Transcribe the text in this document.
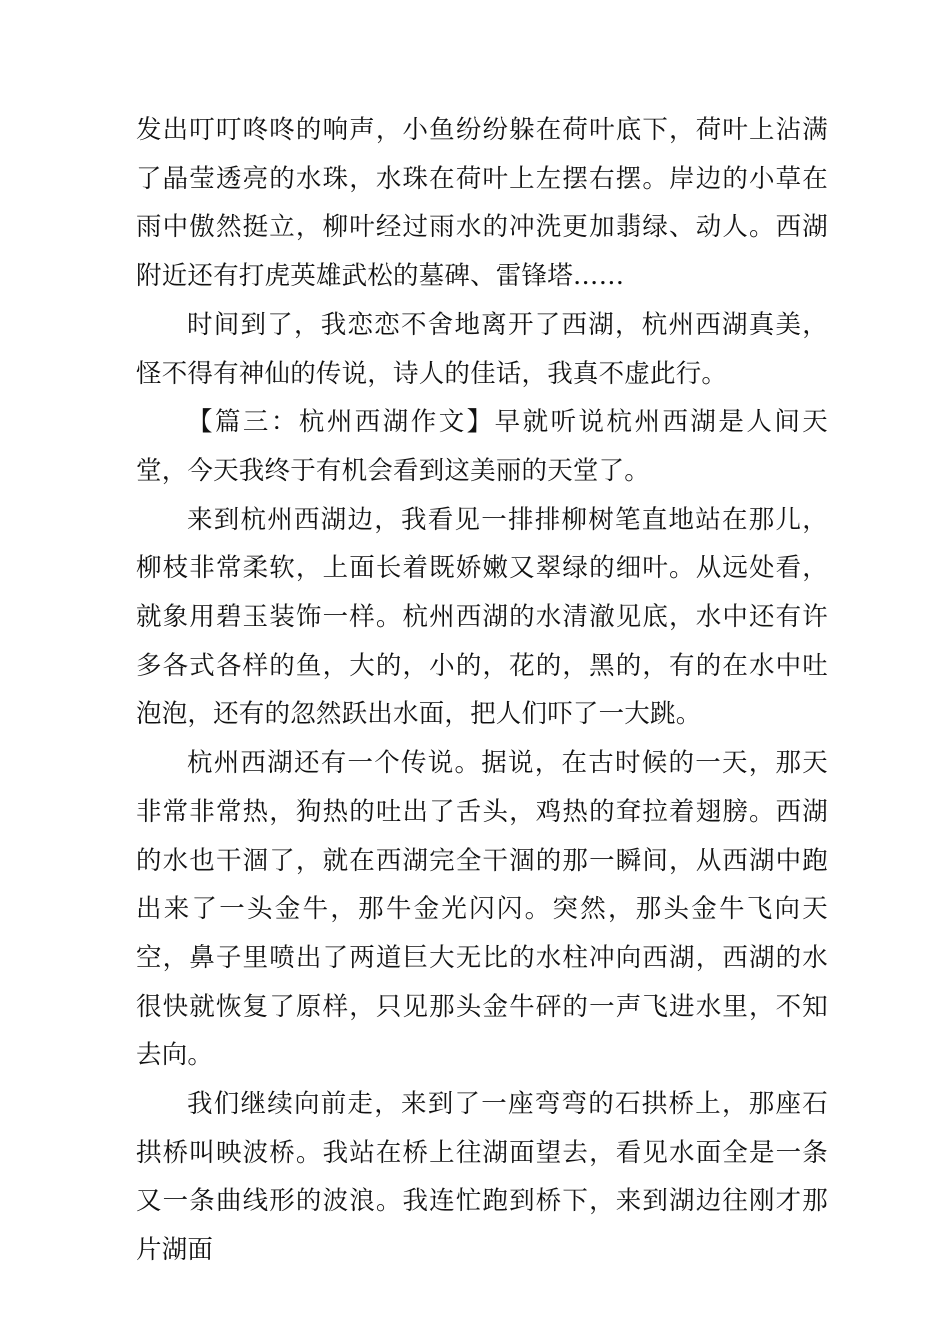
发出叮叮咚咚的响声，小鱼纷纷躲在荷叶底下，荷叶上沾满了晶莹透亮的水珠，水珠在荷叶上左摆右摆。岸边的小草在雨中傲然挺立，柳叶经过雨水的冲洗更加翡绿、动人。西湖附近还有打虎英雄武松的墓碑、雷锋塔……

时间到了，我恋恋不舍地离开了西湖，杭州西湖真美，怪不得有神仙的传说，诗人的佳话，我真不虚此行。

【篇三：杭州西湖作文】早就听说杭州西湖是人间天堂，今天我终于有机会看到这美丽的天堂了。

来到杭州西湖边，我看见一排排柳树笔直地站在那儿，柳枝非常柔软，上面长着既娇嫩又翠绿的细叶。从远处看，就象用碧玉装饰一样。杭州西湖的水清澈见底，水中还有许多各式各样的鱼，大的，小的，花的，黑的，有的在水中吐泡泡，还有的忽然跃出水面，把人们吓了一大跳。

杭州西湖还有一个传说。据说，在古时候的一天，那天非常非常热，狗热的吐出了舌头，鸡热的耷拉着翅膀。西湖的水也干涸了，就在西湖完全干涸的那一瞬间，从西湖中跑出来了一头金牛，那牛金光闪闪。突然，那头金牛飞向天空，鼻子里喷出了两道巨大无比的水柱冲向西湖，西湖的水很快就恢复了原样，只见那头金牛砰的一声飞进水里，不知去向。

我们继续向前走，来到了一座弯弯的石拱桥上，那座石拱桥叫映波桥。我站在桥上往湖面望去，看见水面全是一条又一条曲线形的波浪。我连忙跑到桥下，来到湖边往刚才那片湖面
